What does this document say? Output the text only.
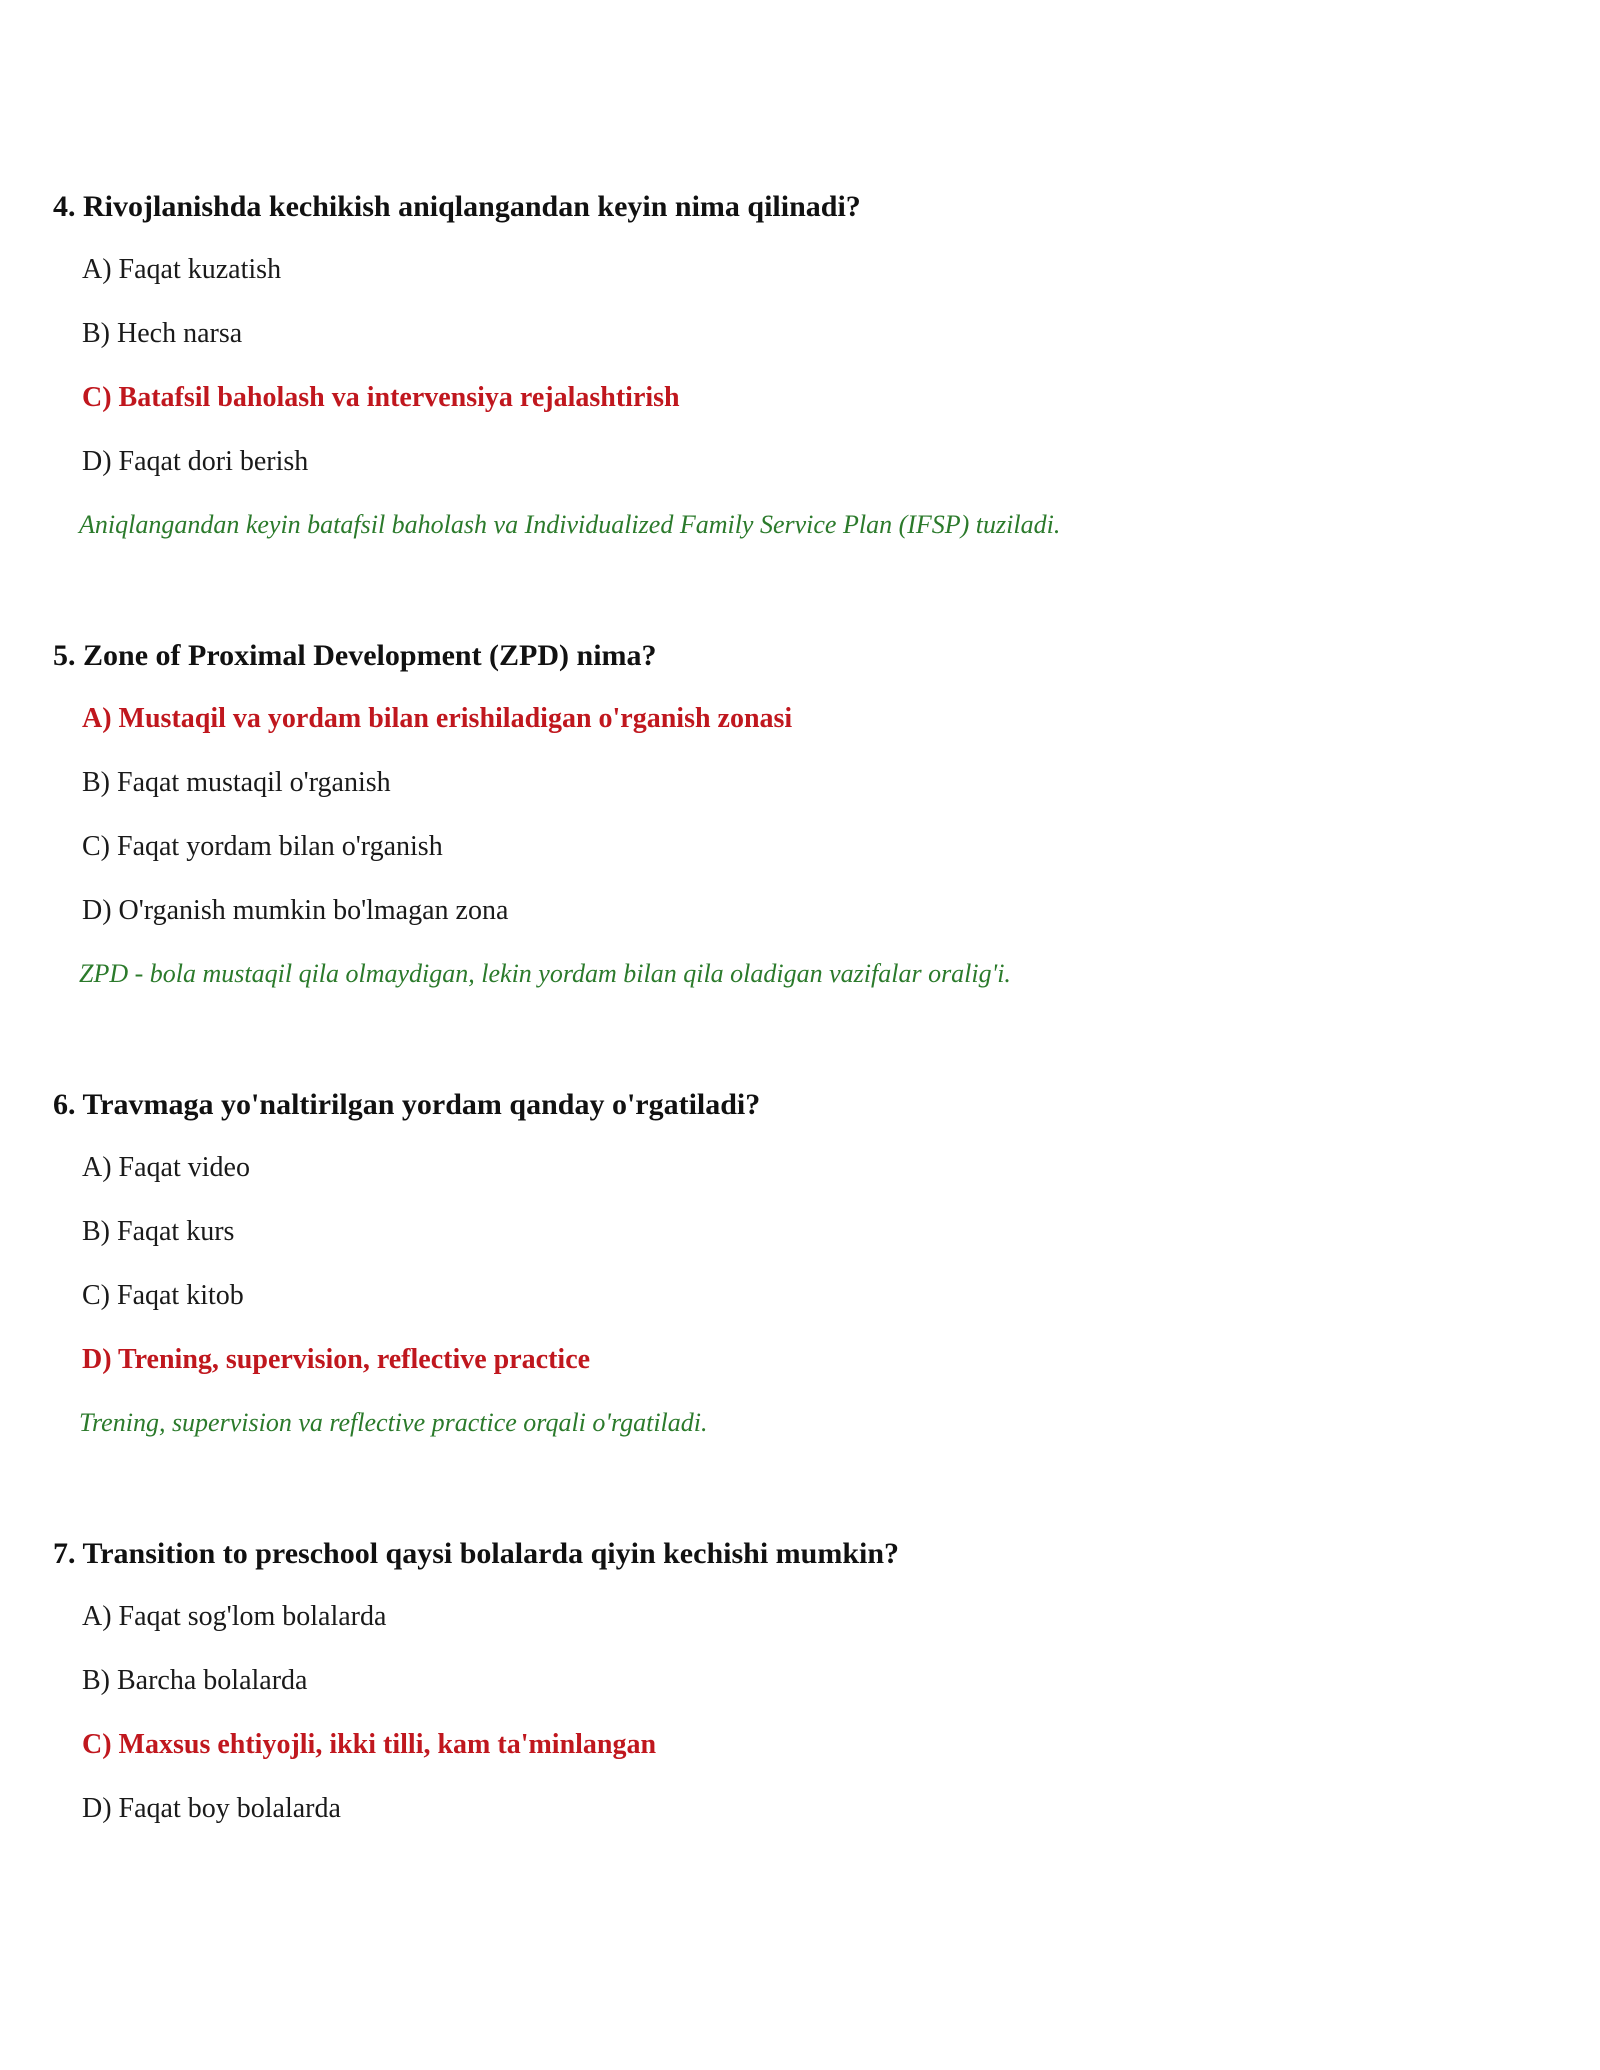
4. Rivojlanishda kechikish aniqlangandan keyin nima qilinadi?

A) Faqat kuzatish
B) Hech narsa
C) Batafsil baholash va intervensiya rejalashtirish
D) Faqat dori berish
Aniqlangandan keyin batafsil baholash va Individualized Family Service Plan (IFSP) tuziladi.

5. Zone of Proximal Development (ZPD) nima?

A) Mustaqil va yordam bilan erishiladigan o'rganish zonasi
B) Faqat mustaqil o'rganish
C) Faqat yordam bilan o'rganish
D) O'rganish mumkin bo'lmagan zona
ZPD - bola mustaqil qila olmaydigan, lekin yordam bilan qila oladigan vazifalar oralig'i.

6. Travmaga yo'naltirilgan yordam qanday o'rgatiladi?

A) Faqat video
B) Faqat kurs
C) Faqat kitob
D) Trening, supervision, reflective practice
Trening, supervision va reflective practice orqali o'rgatiladi.

7. Transition to preschool qaysi bolalarda qiyin kechishi mumkin?

A) Faqat sog'lom bolalarda
B) Barcha bolalarda
C) Maxsus ehtiyojli, ikki tilli, kam ta'minlangan
D) Faqat boy bolalarda
